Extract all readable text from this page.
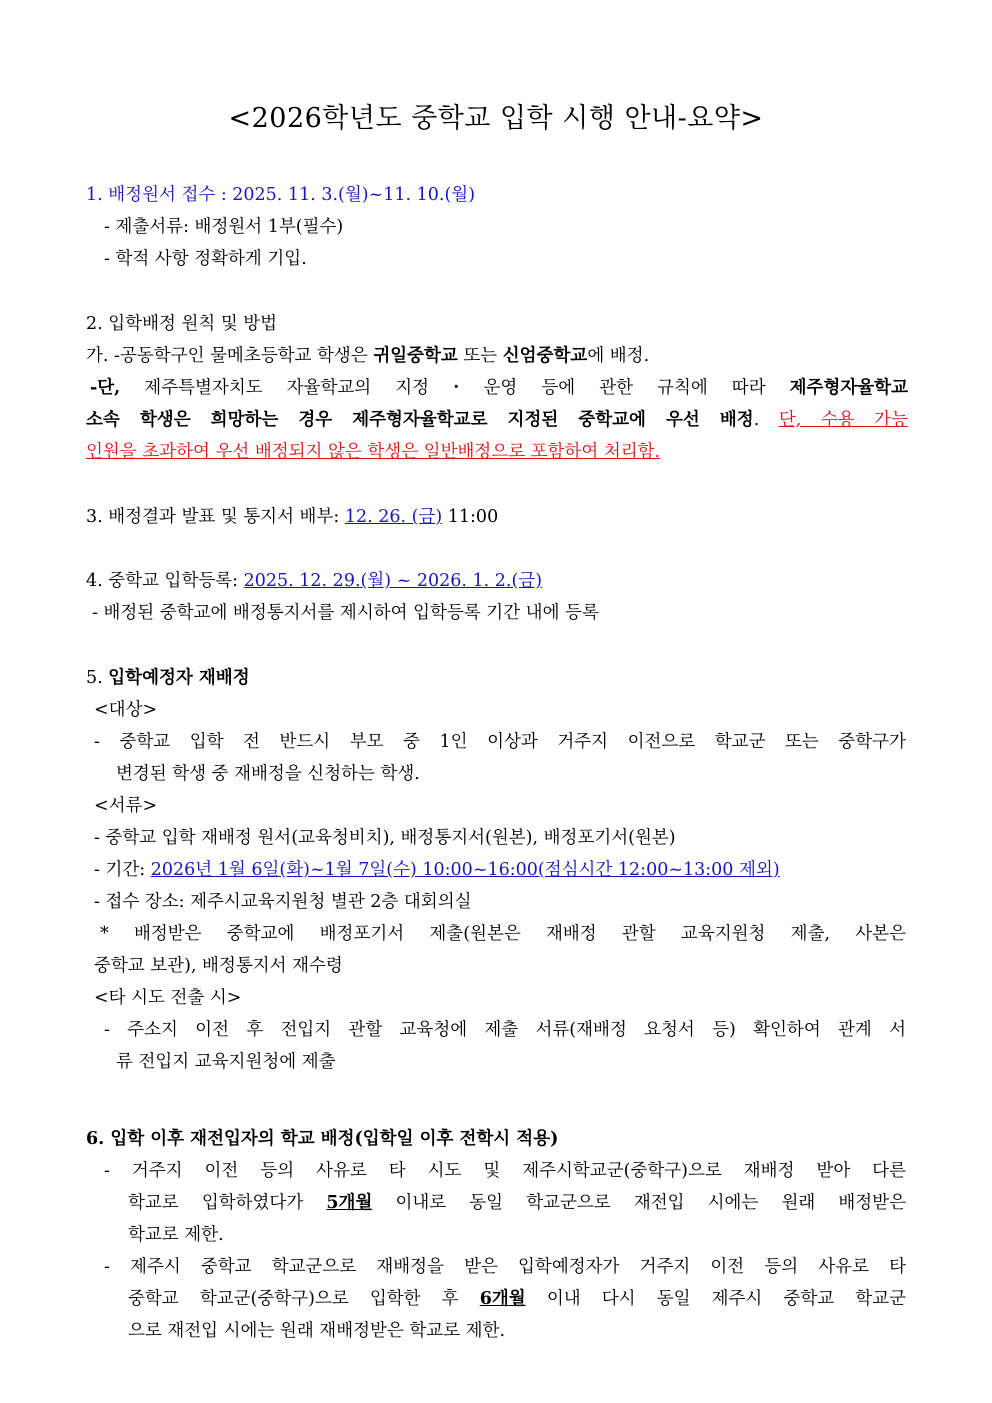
<2026학년도 중학교 입학 시행 안내-요약>
1. 배정원서 접수 : 2025. 11. 3.(월)~11. 10.(월)
- 제출서류: 배정원서 1부(필수)
- 학적 사항 정확하게 기입.
2. 입학배정 원칙 및 방법
가. -공동학구인 물메초등학교 학생은 귀일중학교 또는 신엄중학교에 배정.
-단, 제주특별자치도 자율학교의 지정・운영 등에 관한 규칙에 따라 제주형자율학교
소속 학생은 희망하는 경우 제주형자율학교로 지정된 중학교에 우선 배정. 단, 수용 가능
인원을 초과하여 우선 배정되지 않은 학생은 일반배정으로 포함하여 처리함.
3. 배정결과 발표 및 통지서 배부: 12. 26. (금) 11:00
4. 중학교 입학등록: 2025. 12. 29.(월) ~ 2026. 1. 2.(금)
- 배정된 중학교에 배정통지서를 제시하여 입학등록 기간 내에 등록
5. 입학예정자 재배정
<대상>
- 중학교 입학 전 반드시 부모 중 1인 이상과 거주지 이전으로 학교군 또는 중학구가
변경된 학생 중 재배정을 신청하는 학생.
<서류>
- 중학교 입학 재배정 원서(교육청비치), 배정통지서(원본), 배정포기서(원본)
- 기간: 2026년 1월 6일(화)~1월 7일(수) 10:00~16:00(점심시간 12:00~13:00 제외)
- 접수 장소: 제주시교육지원청 별관 2층 대회의실
* 배정받은 중학교에 배정포기서 제출(원본은 재배정 관할 교육지원청 제출, 사본은
중학교 보관), 배정통지서 재수령
<타 시도 전출 시>
- 주소지 이전 후 전입지 관할 교육청에 제출 서류(재배정 요청서 등) 확인하여 관계 서
류 전입지 교육지원청에 제출
6. 입학 이후 재전입자의 학교 배정(입학일 이후 전학시 적용)
- 거주지 이전 등의 사유로 타 시도 및 제주시학교군(중학구)으로 재배정 받아 다른
학교로 입학하였다가 5개월 이내로 동일 학교군으로 재전입 시에는 원래 배정받은
학교로 제한.
- 제주시 중학교 학교군으로 재배정을 받은 입학예정자가 거주지 이전 등의 사유로 타
중학교 학교군(중학구)으로 입학한 후 6개월 이내 다시 동일 제주시 중학교 학교군
으로 재전입 시에는 원래 재배정받은 학교로 제한.
